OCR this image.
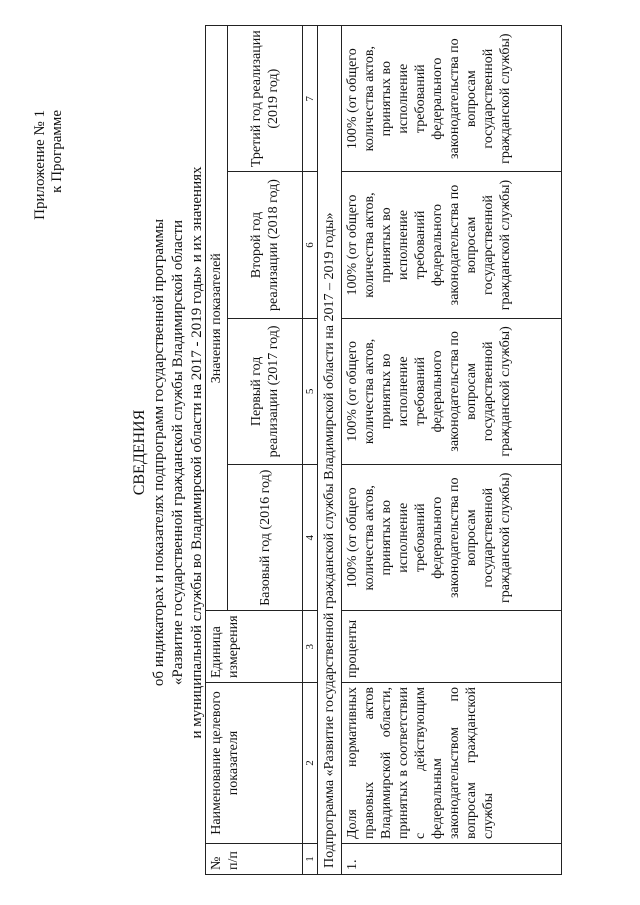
Приложение № 1 к Программе

СВЕДЕНИЯ об индикаторах и показателях подпрограмм государственной программы «Развитие государственной гражданской службы Владимирской области и муниципальной службы во Владимирской области на 2017 - 2019 годы» и их значениях
№ п/п	Наименование целевого показателя	Единица измерения	Значения показателей			
			Базовый год (2016 год)	Первый год реализации (2017 год)	Второй год реализации (2018 год)	Третий год реализации (2019 год)
1	2	3	4	5	6	7
Подпрограмма «Развитие государственной гражданской службы Владимирской области на 2017 – 2019 годы»						
1.	Доля нормативных правовых актов Владимирской области, принятых в соответствии с действующим федеральным законодательством по вопросам гражданской службы	проценты	100% (от общего количества актов, принятых во исполнение требований федерального законодательства по вопросам государственной гражданской службы)	100% (от общего количества актов, принятых во исполнение требований федерального законодательства по вопросам государственной гражданской службы)	100% (от общего количества актов, принятых во исполнение требований федерального законодательства по вопросам государственной гражданской службы)	100% (от общего количества актов, принятых во исполнение требований федерального законодательства по вопросам государственной гражданской службы)
